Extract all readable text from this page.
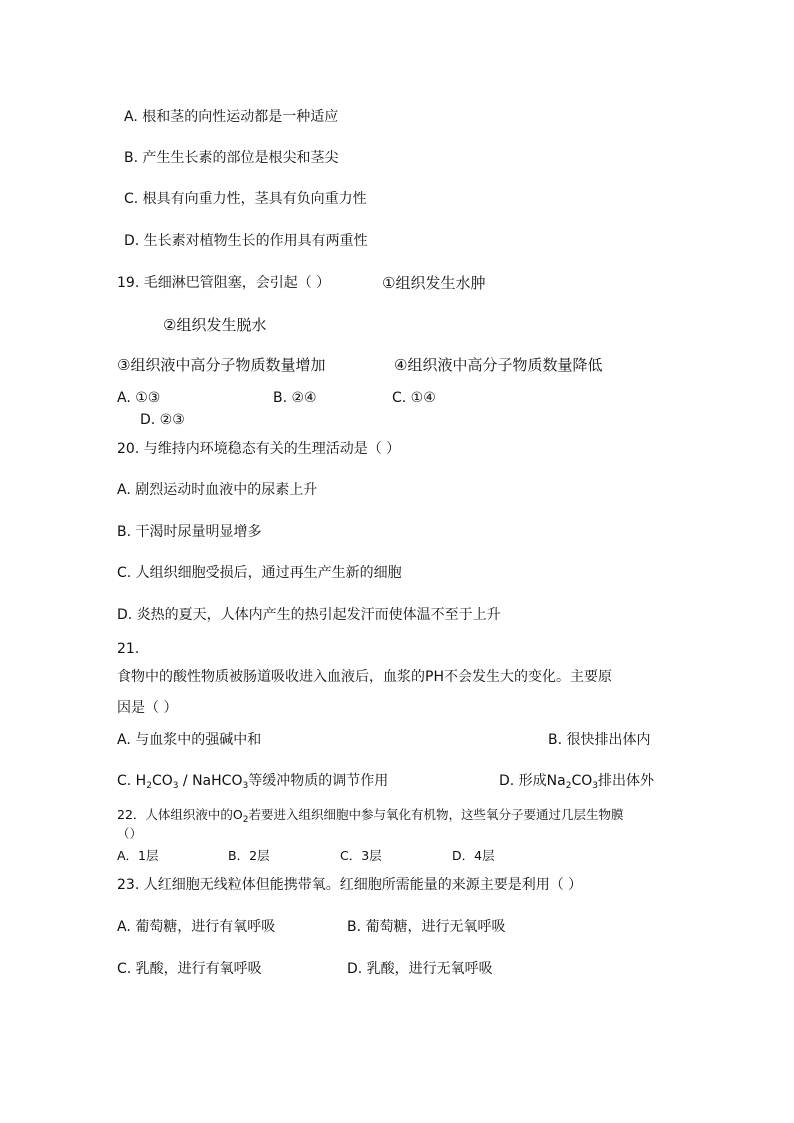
A. 根和茎的向性运动都是一种适应
B. 产生生长素的部位是根尖和茎尖
C. 根具有向重力性，茎具有负向重力性
D. 生长素对植物生长的作用具有两重性
19. 毛细淋巴管阻塞，会引起（ ）	①组织发生水肿
②组织发生脱水
③组织液中高分子物质数量增加	④组织液中高分子物质数量降低
A. ①③	B. ②④	C. ①④
D. ②③
20. 与维持内环境稳态有关的生理活动是（ ）
A. 剧烈运动时血液中的尿素上升
B. 干渴时尿量明显增多
C. 人组织细胞受损后，通过再生产生新的细胞
D. 炎热的夏天，人体内产生的热引起发汗而使体温不至于上升
21.
食物中的酸性物质被肠道吸收进入血液后，血浆的PH不会发生大的变化。主要原
因是（ ）
A. 与血浆中的强碱中和	B. 很快排出体内
C. $H_2CO_3$ / NaHCO$_3$等缓冲物质的调节作用	D. 形成$Na_2CO_3$排出体外
22．人体组织液中的$O_2$若要进入组织细胞中参与氧化有机物，这些氧分子要通过几层生物膜
（）
A．1层	B．2层	C．3层	D．4层
23. 人红细胞无线粒体但能携带氧。红细胞所需能量的来源主要是利用（ ）
A. 葡萄糖，进行有氧呼吸	B. 葡萄糖，进行无氧呼吸
C. 乳酸，进行有氧呼吸	D. 乳酸，进行无氧呼吸
